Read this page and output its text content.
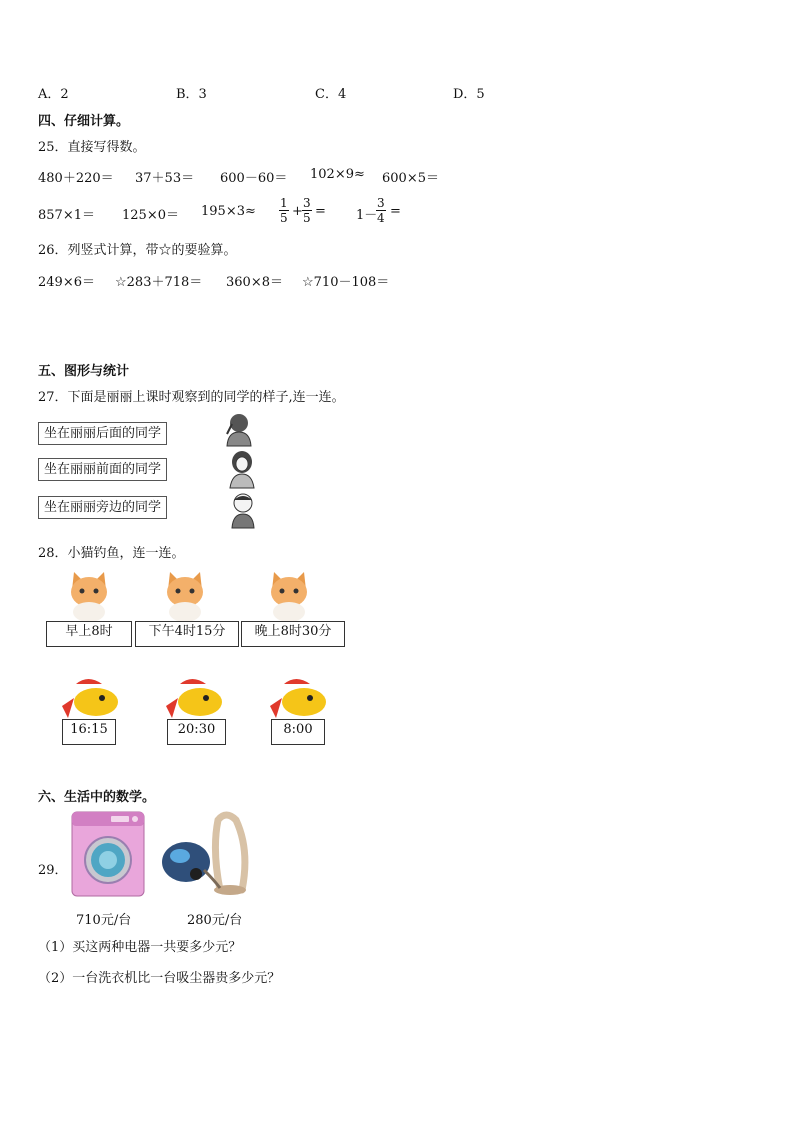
A．2	B．3	C．4	D．5
四、仔细计算。
25．直接写得数。
480＋220＝ 37＋53＝ 600－60＝ 102×9≈ 600×5＝
$857\times 1= 125\times 0= 195\times 3\approx \frac{1}{5} + \frac{3}{5} = 1-$
$\frac{3}{4}$ =
26．列竖式计算，带☆的要验算。
249×6＝ ☆283＋718＝ 360×8＝ ☆710－108＝
五、图形与统计
27．下面是丽丽上课时观察到的同学的样子,连一连。
坐在丽丽后面的同学
坐在丽丽前面的同学
坐在丽丽旁边的同学
28．小猫钓鱼，连一连。
早上8时	下午4时15分	晚上8时30分
16:15	20:30	8:00
六、生活中的数学。
29．
710元/台	280元/台
（1）买这两种电器一共要多少元？
（2）一台洗衣机比一台吸尘器贵多少元？
